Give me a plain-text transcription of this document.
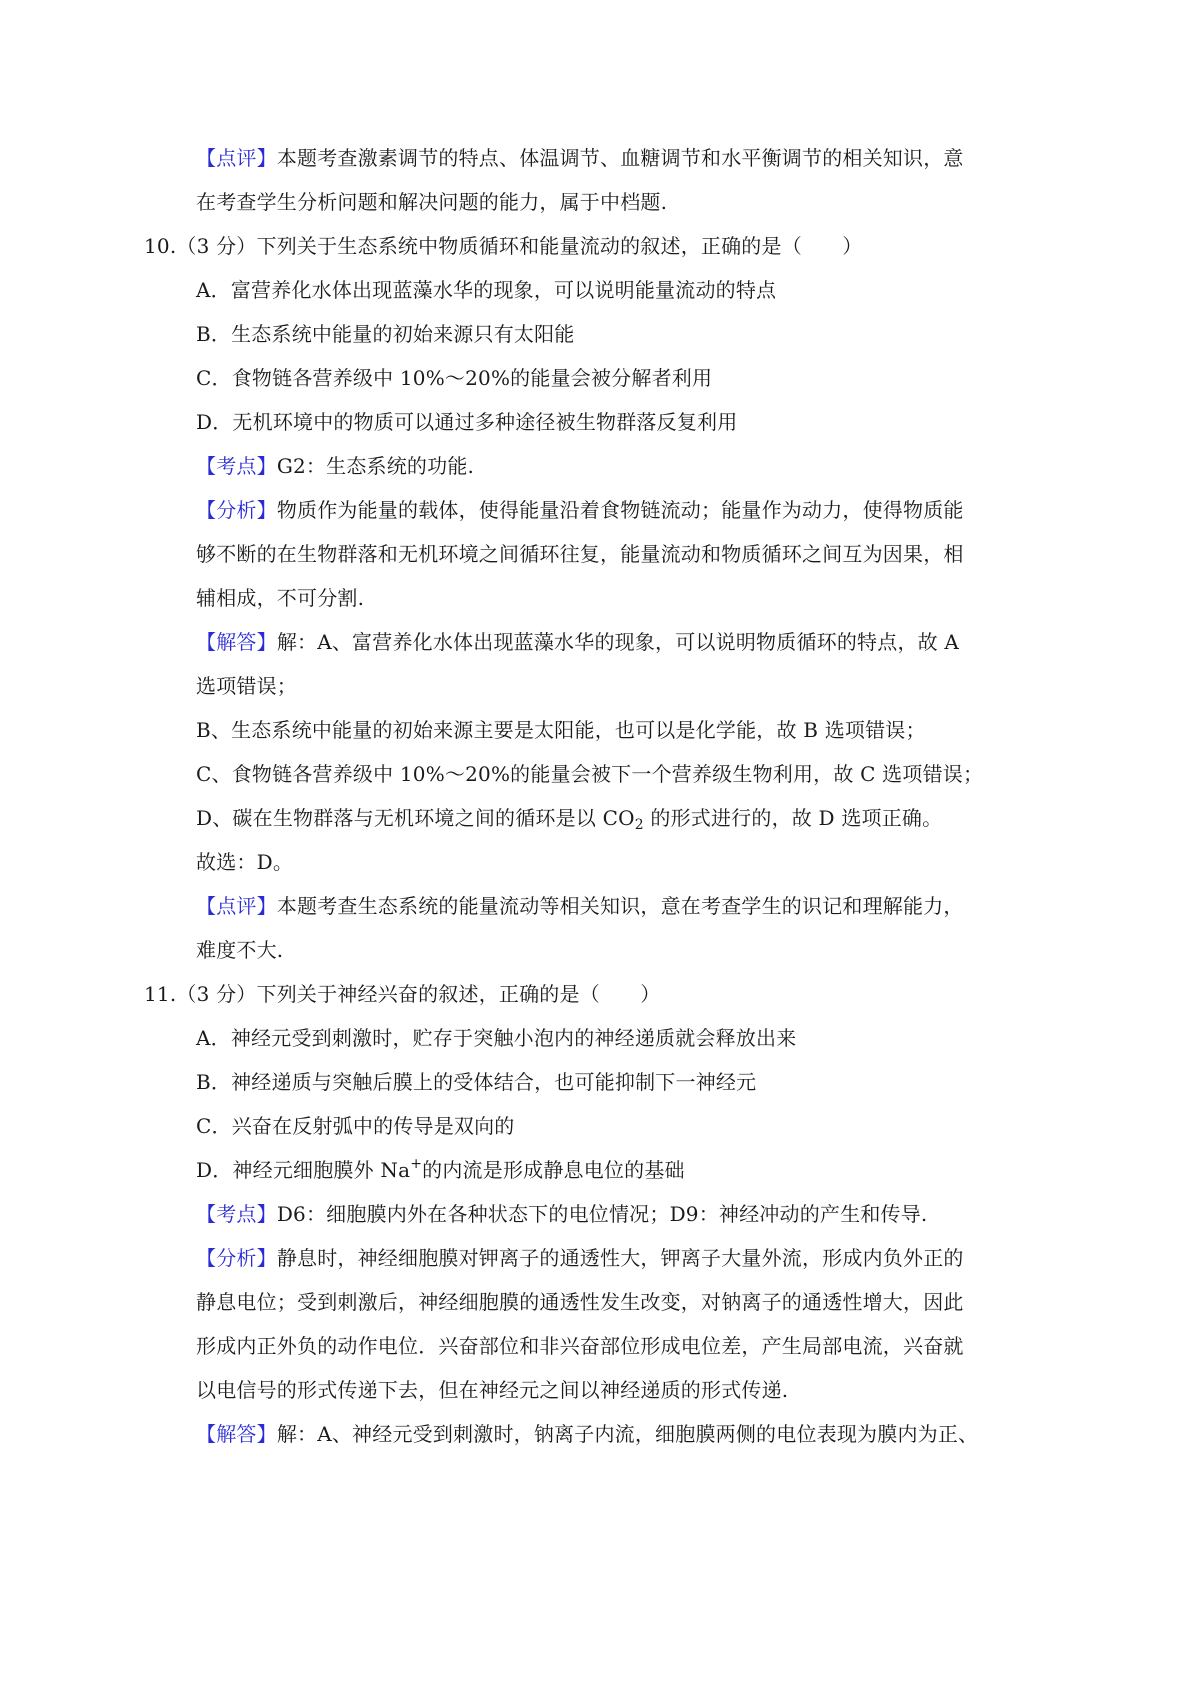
【点评】本题考查激素调节的特点、体温调节、血糖调节和水平衡调节的相关知识，意
在考查学生分析问题和解决问题的能力，属于中档题.
10.（3 分）下列关于生态系统中物质循环和能量流动的叙述，正确的是（　　）
A．富营养化水体出现蓝藻水华的现象，可以说明能量流动的特点
B．生态系统中能量的初始来源只有太阳能
C．食物链各营养级中 10%～20%的能量会被分解者利用
D．无机环境中的物质可以通过多种途径被生物群落反复利用
【考点】G2：生态系统的功能.
【分析】物质作为能量的载体，使得能量沿着食物链流动；能量作为动力，使得物质能
够不断的在生物群落和无机环境之间循环往复，能量流动和物质循环之间互为因果，相
辅相成，不可分割.
【解答】解：A、富营养化水体出现蓝藻水华的现象，可以说明物质循环的特点，故 A
选项错误；
B、生态系统中能量的初始来源主要是太阳能，也可以是化学能，故 B 选项错误；
C、食物链各营养级中 10%～20%的能量会被下一个营养级生物利用，故 C 选项错误；
D、碳在生物群落与无机环境之间的循环是以 $CO_2$ 的形式进行的，故 D 选项正确。
故选：D。
【点评】本题考查生态系统的能量流动等相关知识，意在考查学生的识记和理解能力，
难度不大.
11.（3 分）下列关于神经兴奋的叙述，正确的是（　　）
A．神经元受到刺激时，贮存于突触小泡内的神经递质就会释放出来
B．神经递质与突触后膜上的受体结合，也可能抑制下一神经元
C．兴奋在反射弧中的传导是双向的
D．神经元细胞膜外 Na+的内流是形成静息电位的基础
【考点】D6：细胞膜内外在各种状态下的电位情况；D9：神经冲动的产生和传导.
【分析】静息时，神经细胞膜对钾离子的通透性大，钾离子大量外流，形成内负外正的
静息电位；受到刺激后，神经细胞膜的通透性发生改变，对钠离子的通透性增大，因此
形成内正外负的动作电位．兴奋部位和非兴奋部位形成电位差，产生局部电流，兴奋就
以电信号的形式传递下去，但在神经元之间以神经递质的形式传递.
【解答】解：A、神经元受到刺激时，钠离子内流，细胞膜两侧的电位表现为膜内为正、
